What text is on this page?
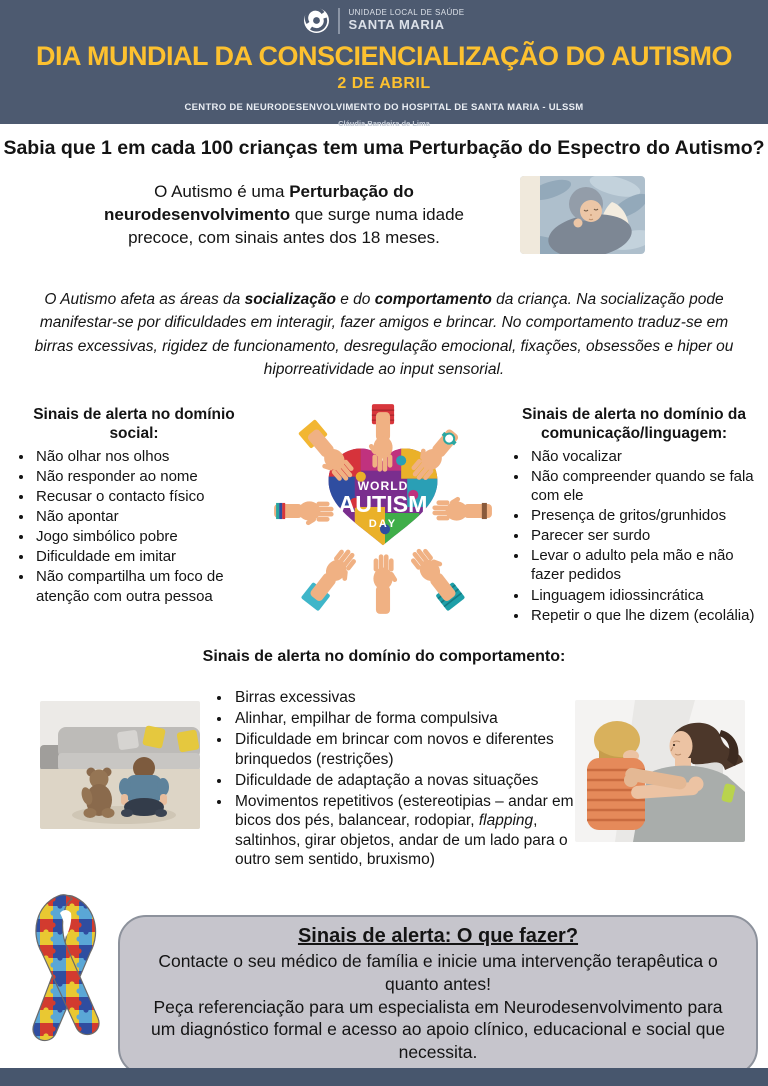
UNIDADE LOCAL DE SAÚDE
SANTA MARIA
DIA MUNDIAL DA CONSCIENCIALIZAÇÃO DO AUTISMO
2 DE ABRIL
CENTRO DE NEURODESENVOLVIMENTO DO HOSPITAL DE SANTA MARIA - ULSSM
Cláudia Bandeira de Lima
Sabia que 1 em cada 100 crianças tem uma Perturbação do Espectro do Autismo?
O Autismo é uma Perturbação do neurodesenvolvimento que surge numa idade precoce, com sinais antes dos 18 meses.
O Autismo afeta as áreas da socialização e do comportamento da criança. Na socialização pode manifestar-se por dificuldades em interagir, fazer amigos e brincar. No comportamento traduz-se em birras excessivas, rigidez de funcionamento, desregulação emocional, fixações, obsessões e hiper ou hiporreatividade ao input sensorial.
Sinais de alerta no domínio social:
• Não olhar nos olhos
• Não responder ao nome
• Recusar o contacto físico
• Não apontar
• Jogo simbólico pobre
• Dificuldade em imitar
• Não compartilha um foco de atenção com outra pessoa
WORLD
AUTISM
DAY
Sinais de alerta no domínio da comunicação/linguagem:
• Não vocalizar
• Não compreender quando se fala com ele
• Presença de gritos/grunhidos
• Parecer ser surdo
• Levar o adulto pela mão e não fazer pedidos
• Linguagem idiossincrática
• Repetir o que lhe dizem (ecolália)
Sinais de alerta no domínio do comportamento:
• Birras excessivas
• Alinhar, empilhar de forma compulsiva
• Dificuldade em brincar com novos e diferentes brinquedos (restrições)
• Dificuldade de adaptação a novas situações
• Movimentos repetitivos (estereotipias – andar em bicos dos pés, balancear, rodopiar, flapping, saltinhos, girar objetos, andar de um lado para o outro sem sentido, bruxismo)
Sinais de alerta: O que fazer?
Contacte o seu médico de família e inicie uma intervenção terapêutica o quanto antes!
Peça referenciação para um especialista em Neurodesenvolvimento para um diagnóstico formal e acesso ao apoio clínico, educacional e social que necessita.
